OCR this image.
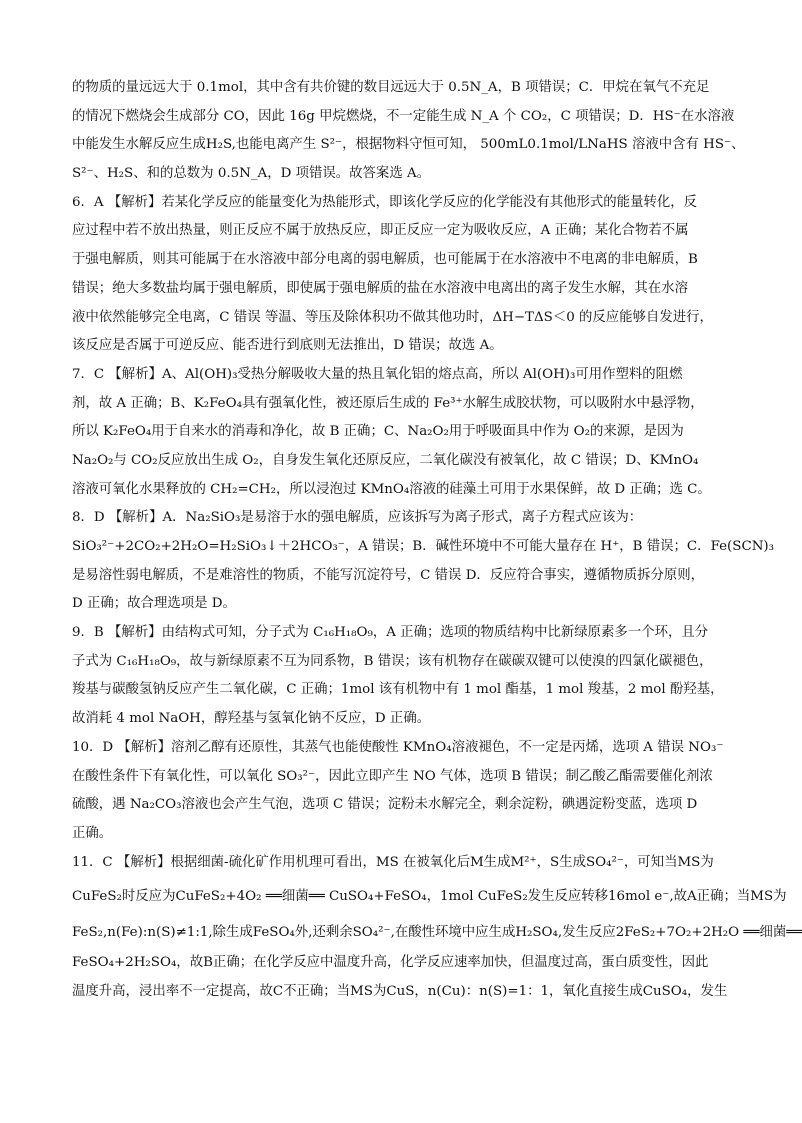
的物质的量远远大于 0.1mol，其中含有共价键的数目远远大于 0.5N_A，B 项错误；C．甲烷在氧气不充足
的情况下燃烧会生成部分 CO，因此 16g 甲烷燃烧，不一定能生成 N_A 个 CO₂，C 项错误；D．HS⁻在水溶液
中能发生水解反应生成H₂S,也能电离产生 S²⁻，根据物料守恒可知， 500mL0.1mol/LNaHS 溶液中含有 HS⁻、
S²⁻、H₂S、和的总数为 0.5N_A，D 项错误。故答案选 A。
6．A 【解析】若某化学反应的能量变化为热能形式，即该化学反应的化学能没有其他形式的能量转化，反
应过程中若不放出热量，则正反应不属于放热反应，即正反应一定为吸收反应，A 正确；某化合物若不属
于强电解质，则其可能属于在水溶液中部分电离的弱电解质，也可能属于在水溶液中不电离的非电解质，B
错误；绝大多数盐均属于强电解质，即使属于强电解质的盐在水溶液中电离出的离子发生水解，其在水溶
液中依然能够完全电离，C 错误 等温、等压及除体积功不做其他功时，ΔH−TΔS＜0 的反应能够自发进行，
该反应是否属于可逆反应、能否进行到底则无法推出，D 错误；故选 A。
7．C 【解析】A、Al(OH)₃受热分解吸收大量的热且氧化铝的熔点高，所以 Al(OH)₃可用作塑料的阻燃
剂，故 A 正确；B、K₂FeO₄具有强氧化性，被还原后生成的 Fe³⁺水解生成胶状物，可以吸附水中悬浮物，
所以 K₂FeO₄用于自来水的消毒和净化，故 B 正确；C、Na₂O₂用于呼吸面具中作为 O₂的来源，是因为
Na₂O₂与 CO₂反应放出生成 O₂，自身发生氧化还原反应，二氧化碳没有被氧化，故 C 错误；D、KMnO₄
溶液可氧化水果释放的 CH₂=CH₂，所以浸泡过 KMnO₄溶液的硅藻土可用于水果保鲜，故 D 正确；选 C。
8．D 【解析】A．Na₂SiO₃是易溶于水的强电解质，应该拆写为离子形式，离子方程式应该为：
SiO₃²⁻+2CO₂+2H₂O=H₂SiO₃↓＋2HCO₃⁻，A 错误；B．碱性环境中不可能大量存在 H⁺，B 错误；C．Fe(SCN)₃
是易溶性弱电解质，不是难溶性的物质，不能写沉淀符号，C 错误 D．反应符合事实，遵循物质拆分原则，
D 正确；故合理选项是 D。
9．B 【解析】由结构式可知，分子式为 C₁₆H₁₈O₉，A 正确；选项的物质结构中比新绿原素多一个环，且分
子式为 C₁₆H₁₈O₉，故与新绿原素不互为同系物，B 错误；该有机物存在碳碳双键可以使溴的四氯化碳褪色，
羧基与碳酸氢钠反应产生二氧化碳，C 正确；1mol 该有机物中有 1 mol 酯基，1 mol 羧基，2 mol 酚羟基，
故消耗 4 mol NaOH，醇羟基与氢氧化钠不反应，D 正确。
10．D 【解析】溶剂乙醇有还原性，其蒸气也能使酸性 KMnO₄溶液褪色，不一定是丙烯，选项 A 错误 NO₃⁻
在酸性条件下有氧化性，可以氧化 SO₃²⁻，因此立即产生 NO 气体，选项 B 错误；制乙酸乙酯需要催化剂浓
硫酸，遇 Na₂CO₃溶液也会产生气泡，选项 C 错误；淀粉未水解完全，剩余淀粉，碘遇淀粉变蓝，选项 D
正确。
11．C 【解析】根据细菌-硫化矿作用机理可看出，MS 在被氧化后M生成M²⁺，S生成SO₄²⁻，可知当MS为
CuFeS₂时反应为CuFeS₂+4O₂ ══细菌══ CuSO₄+FeSO₄，1mol CuFeS₂发生反应转移16mol e⁻,故A正确；当MS为
FeS₂,n(Fe):n(S)≠1:1,除生成FeSO₄外,还剩余SO₄²⁻,在酸性环境中应生成H₂SO₄,发生反应2FeS₂+7O₂+2H₂O ══细菌══
FeSO₄+2H₂SO₄，故B正确；在化学反应中温度升高，化学反应速率加快，但温度过高，蛋白质变性，因此
温度升高，浸出率不一定提高，故C不正确；当MS为CuS，n(Cu)：n(S)=1：1，氧化直接生成CuSO₄，发生
